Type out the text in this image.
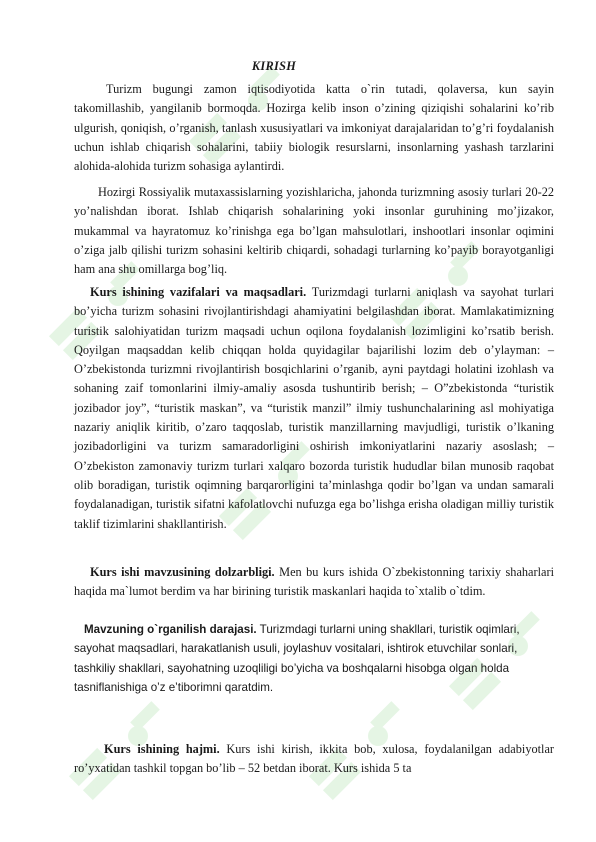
KIRISH

Turizm bugungi zamon iqtisodiyotida katta o`rin tutadi, qolaversa, kun sayin takomillashib, yangilanib bormoqda. Hozirga kelib inson o’zining qiziqishi sohalarini ko’rib ulgurish, qoniqish, o’rganish, tanlash xususiyatlari va imkoniyat darajalaridan to’g’ri foydalanish uchun ishlab chiqarish sohalarini, tabiiy biologik resurslarni, insonlarning yashash tarzlarini alohida-alohida turizm sohasiga aylantirdi.

Hozirgi Rossiyalik mutaxassislarning yozishlaricha, jahonda turizmning asosiy turlari 20-22 yo’nalishdan iborat. Ishlab chiqarish sohalarining yoki insonlar guruhining mo’jizakor, mukammal va hayratomuz ko’rinishga ega bo’lgan mahsulotlari, inshootlari insonlar oqimini o’ziga jalb qilishi turizm sohasini keltirib chiqardi, sohadagi turlarning ko’payib borayotganligi ham ana shu omillarga bog’liq.

Kurs ishining vazifalari va maqsadlari. Turizmdagi turlarni aniqlash va sayohat turlari bo’yicha turizm sohasini rivojlantirishdagi ahamiyatini belgilashdan iborat. Mamlakatimizning turistik salohiyatidan turizm maqsadi uchun oqilona foydalanish lozimligini ko’rsatib berish. Qoyilgan maqsaddan kelib chiqqan holda quyidagilar bajarilishi lozim deb o’ylayman: – O’zbekistonda turizmni rivojlantirish bosqichlarini o’rganib, ayni paytdagi holatini izohlash va sohaning zaif tomonlarini ilmiy-amaliy asosda tushuntirib berish; – O”zbekistonda “turistik jozibador joy”, “turistik maskan”, va “turistik manzil” ilmiy tushunchalarining asl mohiyatiga nazariy aniqlik kiritib, o’zaro taqqoslab, turistik manzillarning mavjudligi, turistik o’lkaning jozibadorligini va turizm samaradorligini oshirish imkoniyatlarini nazariy asoslash; – O’zbekiston zamonaviy turizm turlari xalqaro bozorda turistik hududlar bilan munosib raqobat olib boradigan, turistik oqimning barqarorligini ta’minlashga qodir bo’lgan va undan samarali foydalanadigan, turistik sifatni kafolatlovchi nufuzga ega bo’lishga erisha oladigan milliy turistik taklif tizimlarini shakllantirish.

Kurs ishi mavzusining dolzarbligi. Men bu kurs ishida O`zbekistonning tarixiy shaharlari haqida ma`lumot berdim va har birining turistik maskanlari haqida to`xtalib o`tdim.

Mavzuning o`rganilish darajasi. Turizmdagi turlarni uning shakllari, turistik oqimlari, sayohat maqsadlari, harakatlanish usuli, joylashuv vositalari, ishtirok etuvchilar sonlari, tashkiliy shakllari, sayohatning uzoqliligi bo’yicha va boshqalarni hisobga olgan holda tasniflanishiga o’z e’tiborimni qaratdim.

Kurs ishining hajmi. Kurs ishi kirish, ikkita bob, xulosa, foydalanilgan adabiyotlar ro’yxatidan tashkil topgan bo’lib – 52 betdan iborat. Kurs ishida 5 ta
